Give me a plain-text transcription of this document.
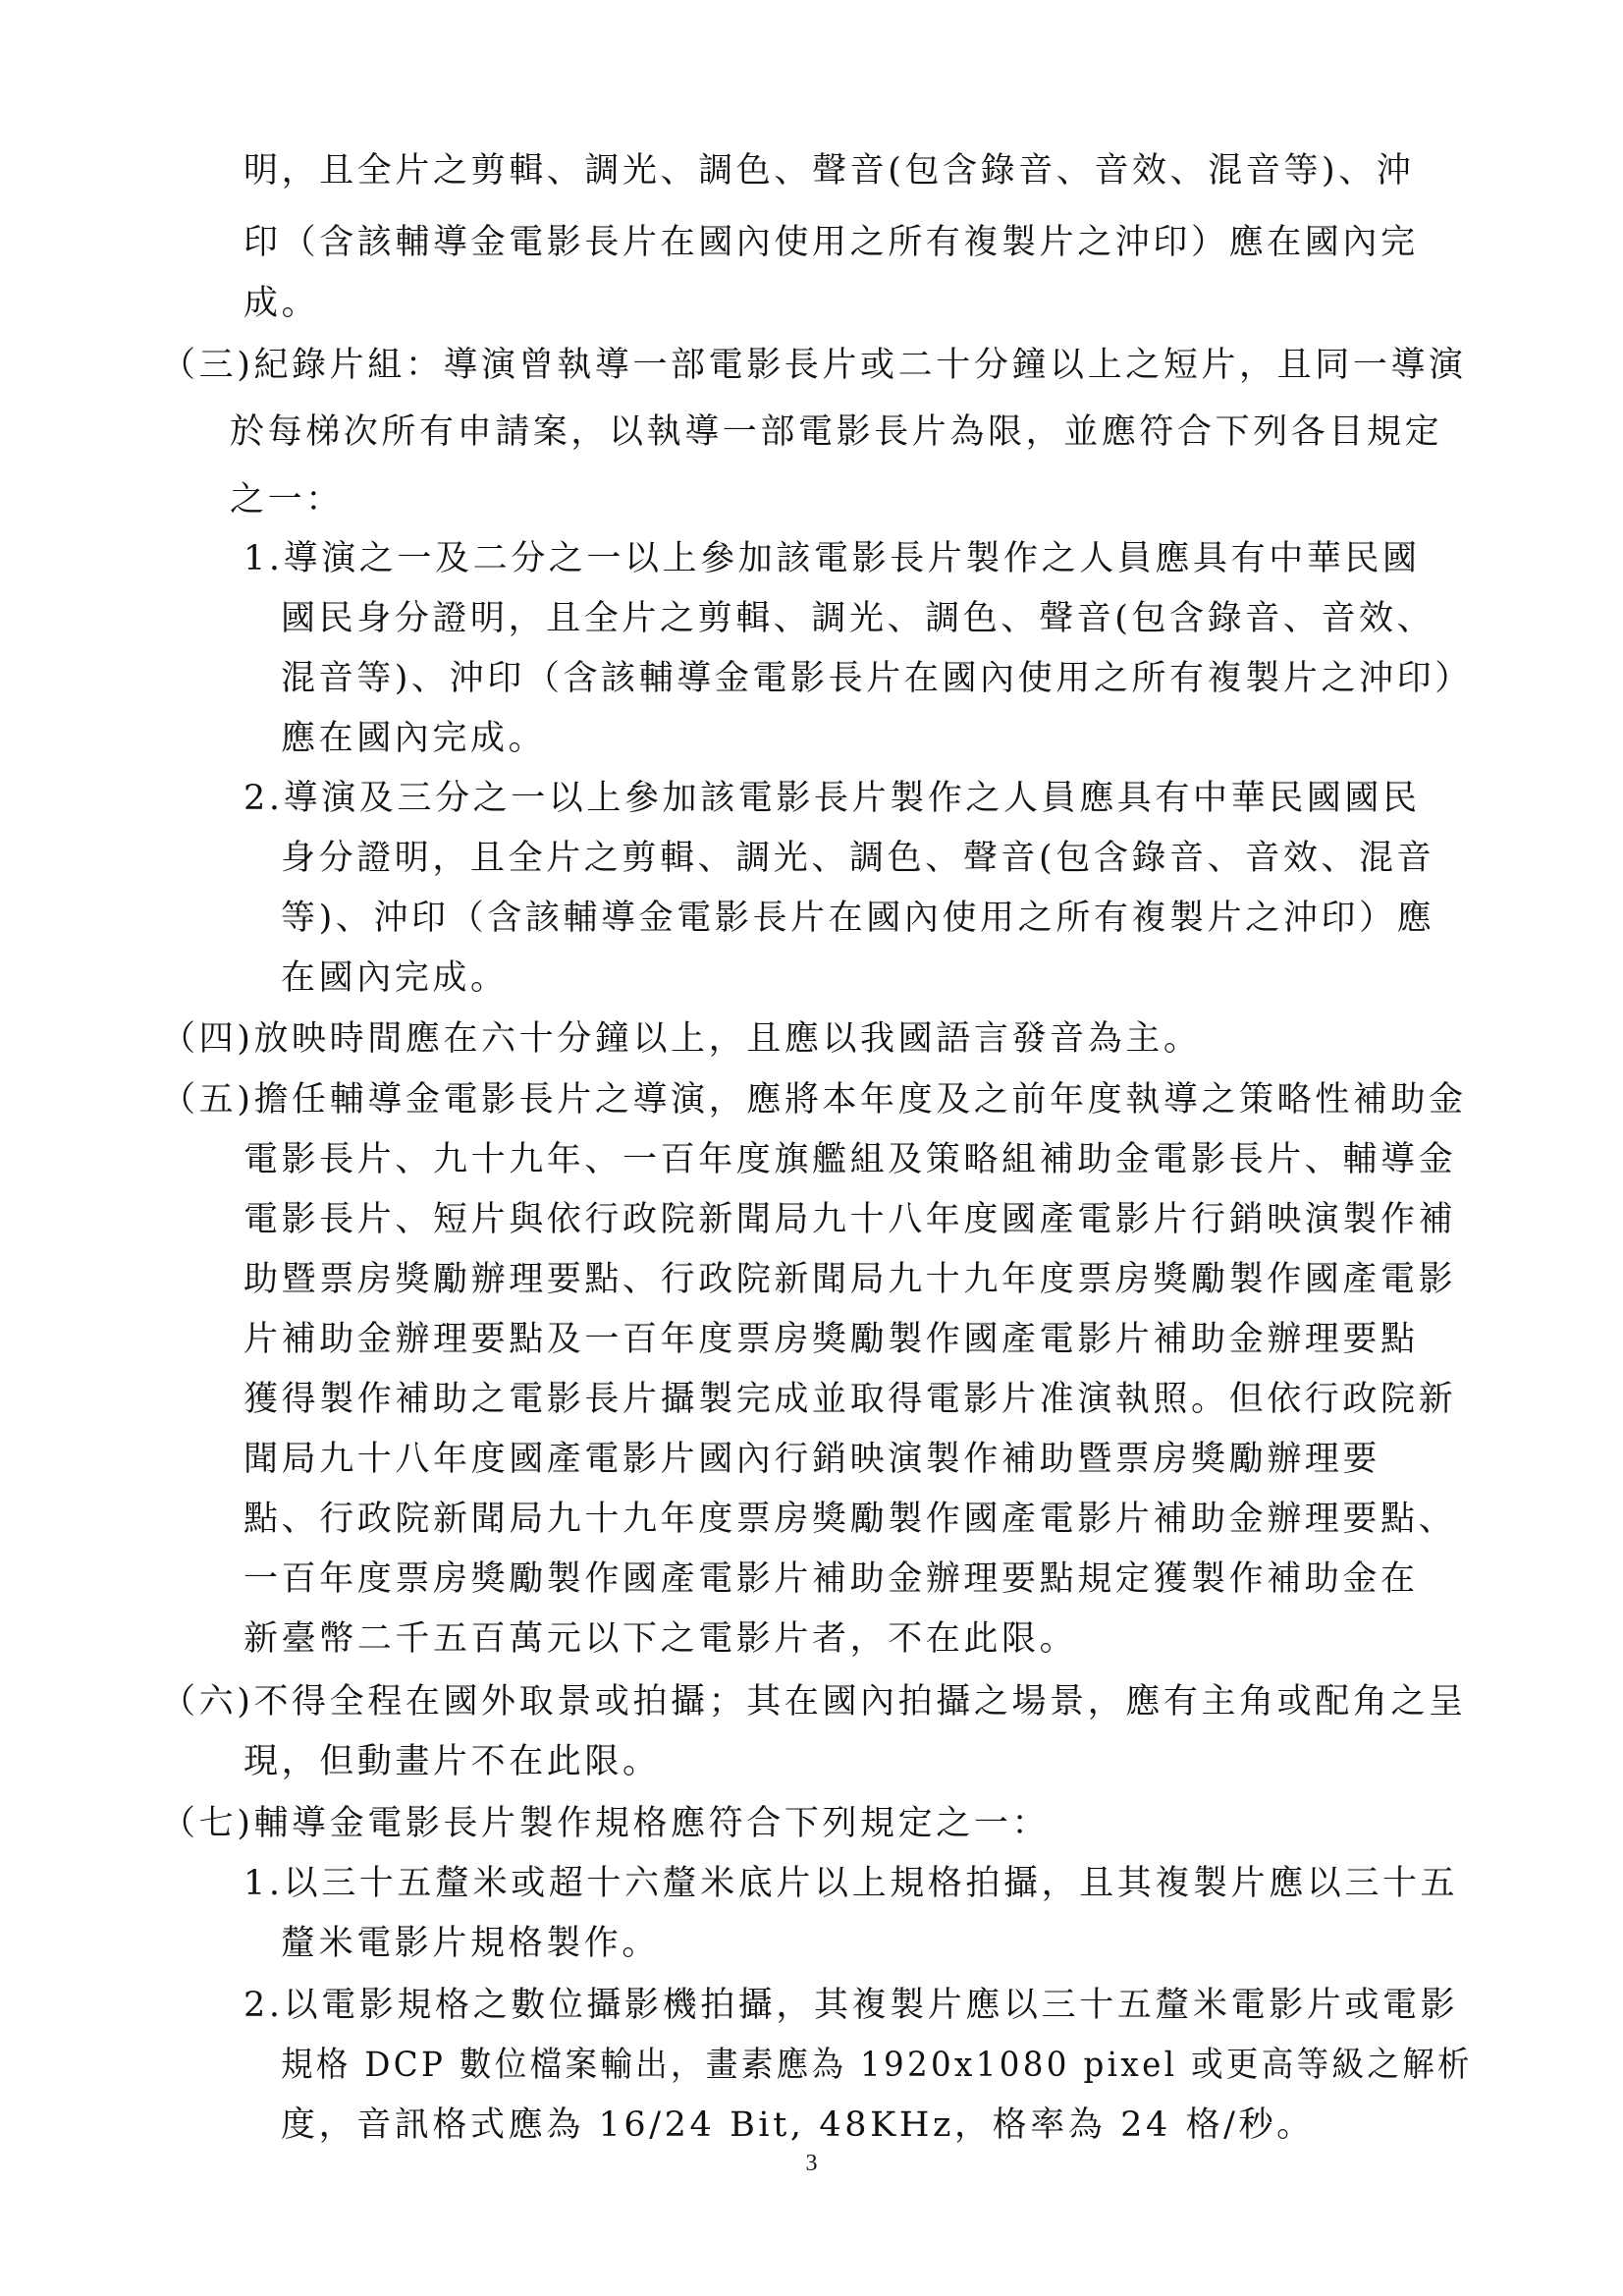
明，且全片之剪輯、調光、調色、聲音(包含錄音、音效、混音等)、沖
印（含該輔導金電影長片在國內使用之所有複製片之沖印）應在國內完
成。
（三)紀錄片組：導演曾執導一部電影長片或二十分鐘以上之短片，且同一導演
於每梯次所有申請案，以執導一部電影長片為限，並應符合下列各目規定
之一：
1.導演之一及二分之一以上參加該電影長片製作之人員應具有中華民國
國民身分證明，且全片之剪輯、調光、調色、聲音(包含錄音、音效、
混音等)、沖印（含該輔導金電影長片在國內使用之所有複製片之沖印）
應在國內完成。
2.導演及三分之一以上參加該電影長片製作之人員應具有中華民國國民
身分證明，且全片之剪輯、調光、調色、聲音(包含錄音、音效、混音
等)、沖印（含該輔導金電影長片在國內使用之所有複製片之沖印）應
在國內完成。
（四)放映時間應在六十分鐘以上，且應以我國語言發音為主。
（五)擔任輔導金電影長片之導演，應將本年度及之前年度執導之策略性補助金
電影長片、九十九年、一百年度旗艦組及策略組補助金電影長片、輔導金
電影長片、短片與依行政院新聞局九十八年度國產電影片行銷映演製作補
助暨票房獎勵辦理要點、行政院新聞局九十九年度票房獎勵製作國產電影
片補助金辦理要點及一百年度票房獎勵製作國產電影片補助金辦理要點
獲得製作補助之電影長片攝製完成並取得電影片准演執照。但依行政院新
聞局九十八年度國產電影片國內行銷映演製作補助暨票房獎勵辦理要
點、行政院新聞局九十九年度票房獎勵製作國產電影片補助金辦理要點、
一百年度票房獎勵製作國產電影片補助金辦理要點規定獲製作補助金在
新臺幣二千五百萬元以下之電影片者，不在此限。
（六)不得全程在國外取景或拍攝；其在國內拍攝之場景，應有主角或配角之呈
現，但動畫片不在此限。
（七)輔導金電影長片製作規格應符合下列規定之一：
1.以三十五釐米或超十六釐米底片以上規格拍攝，且其複製片應以三十五
釐米電影片規格製作。
2.以電影規格之數位攝影機拍攝，其複製片應以三十五釐米電影片或電影
規格 DCP 數位檔案輸出，畫素應為 1920x1080 pixel 或更高等級之解析
度，音訊格式應為 16/24 Bit, 48KHz，格率為 24 格/秒。
3
